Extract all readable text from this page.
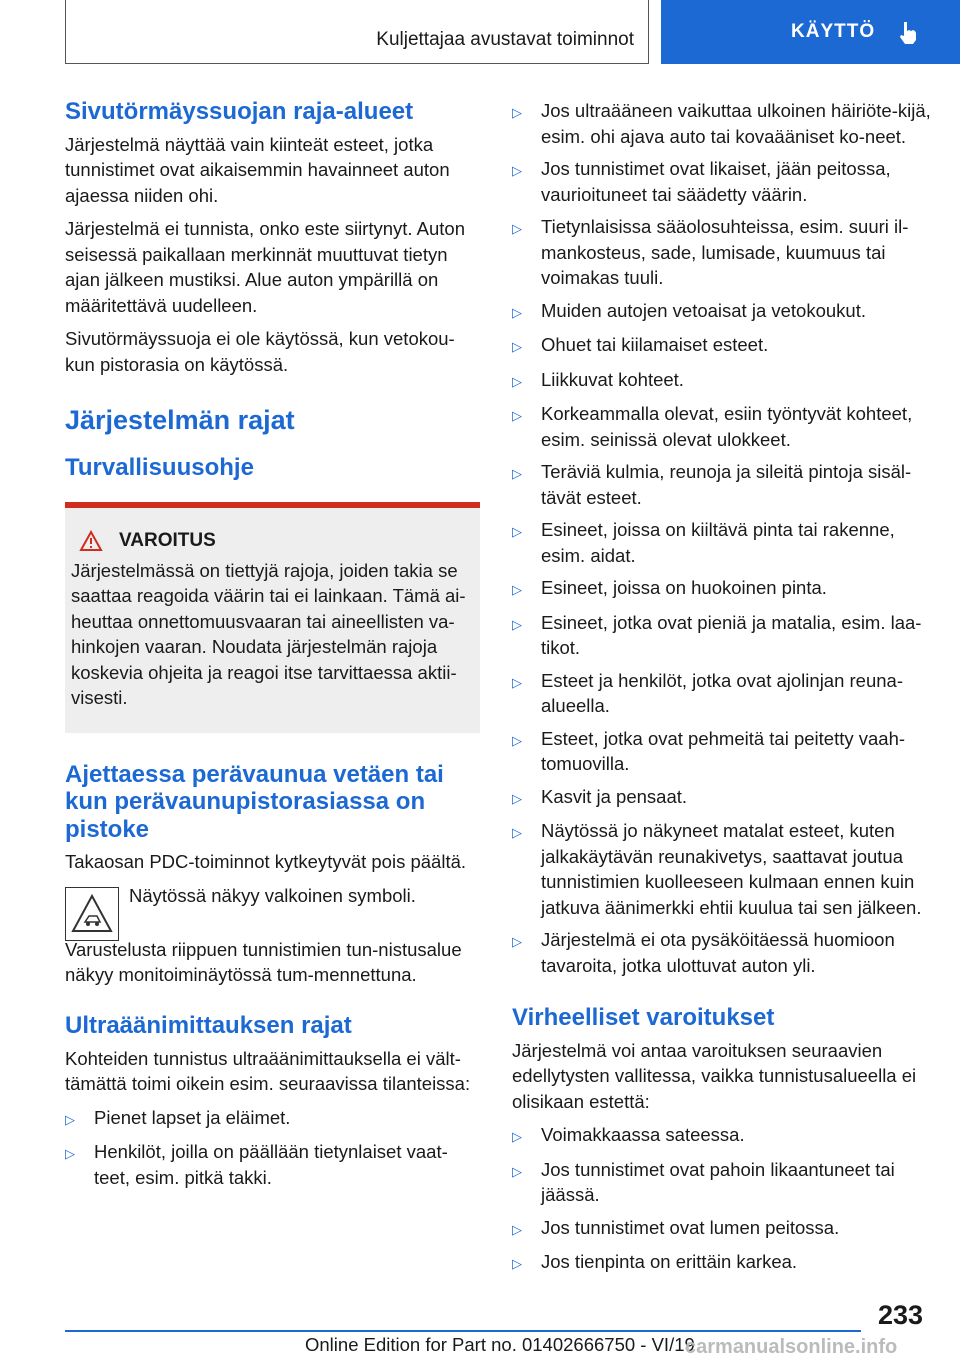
Kuljettajaa avustavat toiminnot	KÄYTTÖ
Sivutörmäyssuojan raja-alueet

Järjestelmä näyttää vain kiinteät esteet, jotka tunnistimet ovat aikaisemmin havainneet auton ajaessa niiden ohi.

Järjestelmä ei tunnista, onko este siirtynyt. Auton seisessä paikallaan merkinnät muuttuvat tietyn ajan jälkeen mustiksi. Alue auton ympärillä on määritettävä uudelleen.

Sivutörmäyssuoja ei ole käytössä, kun vetokou-kun pistorasia on käytössä.

Järjestelmän rajat
Turvallisuusohje
VAROITUS

Järjestelmässä on tiettyjä rajoja, joiden takia se saattaa reagoida väärin tai ei lainkaan. Tämä ai-heuttaa onnettomuusvaaran tai aineellisten va-hinkojen vaaran. Noudata järjestelmän rajoja koskevia ohjeita ja reagoi itse tarvittaessa aktii-visesti.

Ajettaessa perävaunua vetäen tai kun perävaunupistorasiassa on pistoke

Takaosan PDC-toiminnot kytkeytyvät pois päältä.

Näytössä näkyy valkoinen symboli.

Varustelusta riippuen tunnistimien tun-nistusalue näkyy monitoiminäytössä tum-mennettuna.

Ultraäänimittauksen rajat

Kohteiden tunnistus ultraäänimittauksella ei vält-tämättä toimi oikein esim. seuraavissa tilanteissa:

▷	Pienet lapset ja eläimet.
▷	Henkilöt, joilla on päällään tietynlaiset vaat-teet, esim. pitkä takki.
▷	Jos ultraääneen vaikuttaa ulkoinen häiriöte-kijä, esim. ohi ajava auto tai kovaääniset ko-neet.
▷	Jos tunnistimet ovat likaiset, jään peitossa, vaurioituneet tai säädetty väärin.
▷	Tietynlaisissa sääolosuhteissa, esim. suuri il-mankosteus, sade, lumisade, kuumuus tai voimakas tuuli.
▷	Muiden autojen vetoaisat ja vetokoukut.
▷	Ohuet tai kiilamaiset esteet.
▷	Liikkuvat kohteet.
▷	Korkeammalla olevat, esiin työntyvät kohteet, esim. seinissä olevat ulokkeet.
▷	Teräviä kulmia, reunoja ja sileitä pintoja sisäl-tävät esteet.
▷	Esineet, joissa on kiiltävä pinta tai rakenne, esim. aidat.
▷	Esineet, joissa on huokoinen pinta.
▷	Esineet, jotka ovat pieniä ja matalia, esim. laa-tikot.
▷	Esteet ja henkilöt, jotka ovat ajolinjan reuna-alueella.
▷	Esteet, jotka ovat pehmeitä tai peitetty vaah-tomuovilla.
▷	Kasvit ja pensaat.
▷	Näytössä jo näkyneet matalat esteet, kuten jalkakäytävän reunakivetys, saattavat joutua tunnistimien kuolleeseen kulmaan ennen kuin jatkuva äänimerkki ehtii kuulua tai sen jälkeen.
▷	Järjestelmä ei ota pysäköitäessä huomioon tavaroita, jotka ulottuvat auton yli.
Virheelliset varoitukset

Järjestelmä voi antaa varoituksen seuraavien edellytysten vallitessa, vaikka tunnistusalueella ei olisikaan estettä:

▷	Voimakkaassa sateessa.
▷	Jos tunnistimet ovat pahoin likaantuneet tai jäässä.
▷	Jos tunnistimet ovat lumen peitossa.
▷	Jos tienpinta on erittäin karkea.
233
Online Edition for Part no. 01402666750 - VI/19
carmanualsonline.info
